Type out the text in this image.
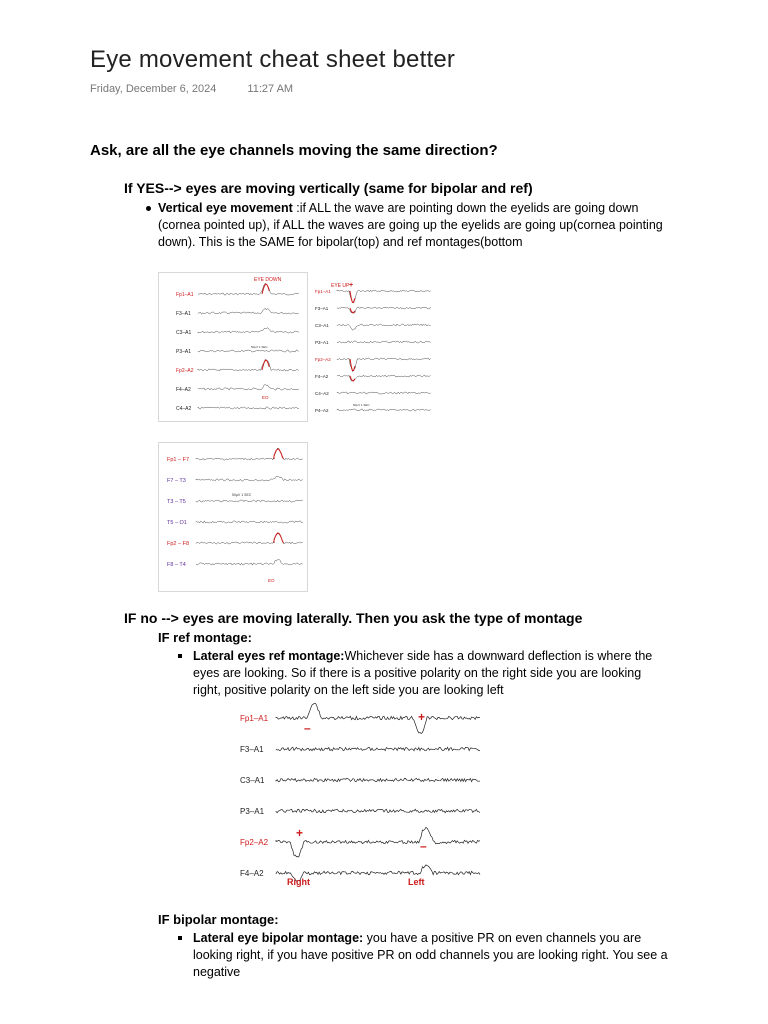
Eye movement cheat sheet better
Friday, December 6, 2024	11:27 AM
Ask, are all the eye channels moving the same direction?
If YES--> eyes are moving vertically (same for bipolar and ref)
Vertical eye movement :if ALL the wave are pointing down the eyelids are going down (cornea pointed up), if ALL the waves are going up the eyelids are going up(cornea pointing down). This is the SAME for bipolar(top) and ref montages(bottom
EYE DOWN
Fp1–A1
F3–A1
C3–A1
P3–A1
Fp2–A2
F4–A2
C4–A2
50µV 1 SEC
EO
EYE UP +
Fp1–A1
F3–A1
C3–A1
P3–A1
Fp2–A2
F4–A2
C4–A2
P4–A2
50µV 1 SEC
Fp1 – F7
F7 – T3
T3 – T5
T5 – O1
Fp2 – F8
F8 – T4
50µV 1 SEC
EO
IF no --> eyes are moving laterally. Then you ask the type of montage
IF ref montage:
Lateral eyes ref montage:Whichever side has a downward deflection is where the eyes are looking. So if there is a positive polarity on the right side you are looking right, positive polarity on the left side you are looking left
Fp1–A1
F3–A1
C3–A1
P3–A1
Fp2–A2
F4–A2
Right	Left
+
–
+
–
IF bipolar montage:
Lateral eye bipolar montage: you have a positive PR on even channels you are looking right, if you have positive PR on odd channels you are looking right. You see a negative
